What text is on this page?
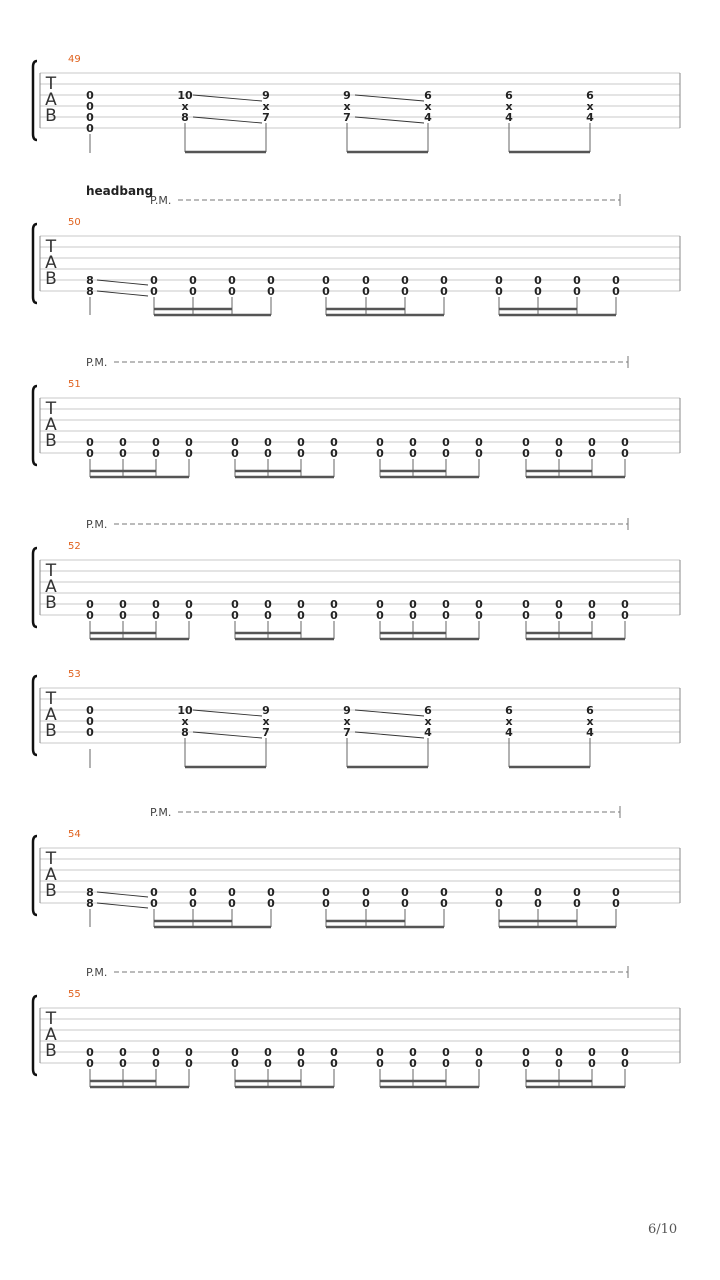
T
A
B
49
0
0
0
0
10
x
8
9
x
7
9
x
7
6
x
4
6
x
4
6
x
4
T
A
B
50
P.M.
headbang
8
8
0
0
0
0
0
0
0
0
0
0
0
0
0
0
0
0
0
0
0
0
0
0
0
0
T
A
B
51
P.M.
0
0
0
0
0
0
0
0
0
0
0
0
0
0
0
0
0
0
0
0
0
0
0
0
0
0
0
0
0
0
0
0
T
A
B
52
P.M.
0
0
0
0
0
0
0
0
0
0
0
0
0
0
0
0
0
0
0
0
0
0
0
0
0
0
0
0
0
0
0
0
T
A
B
53
0
0
0
10
x
8
9
x
7
9
x
7
6
x
4
6
x
4
6
x
4
T
A
B
54
P.M.
8
8
0
0
0
0
0
0
0
0
0
0
0
0
0
0
0
0
0
0
0
0
0
0
0
0
T
A
B
55
P.M.
0
0
0
0
0
0
0
0
0
0
0
0
0
0
0
0
0
0
0
0
0
0
0
0
0
0
0
0
0
0
0
0
6/10
